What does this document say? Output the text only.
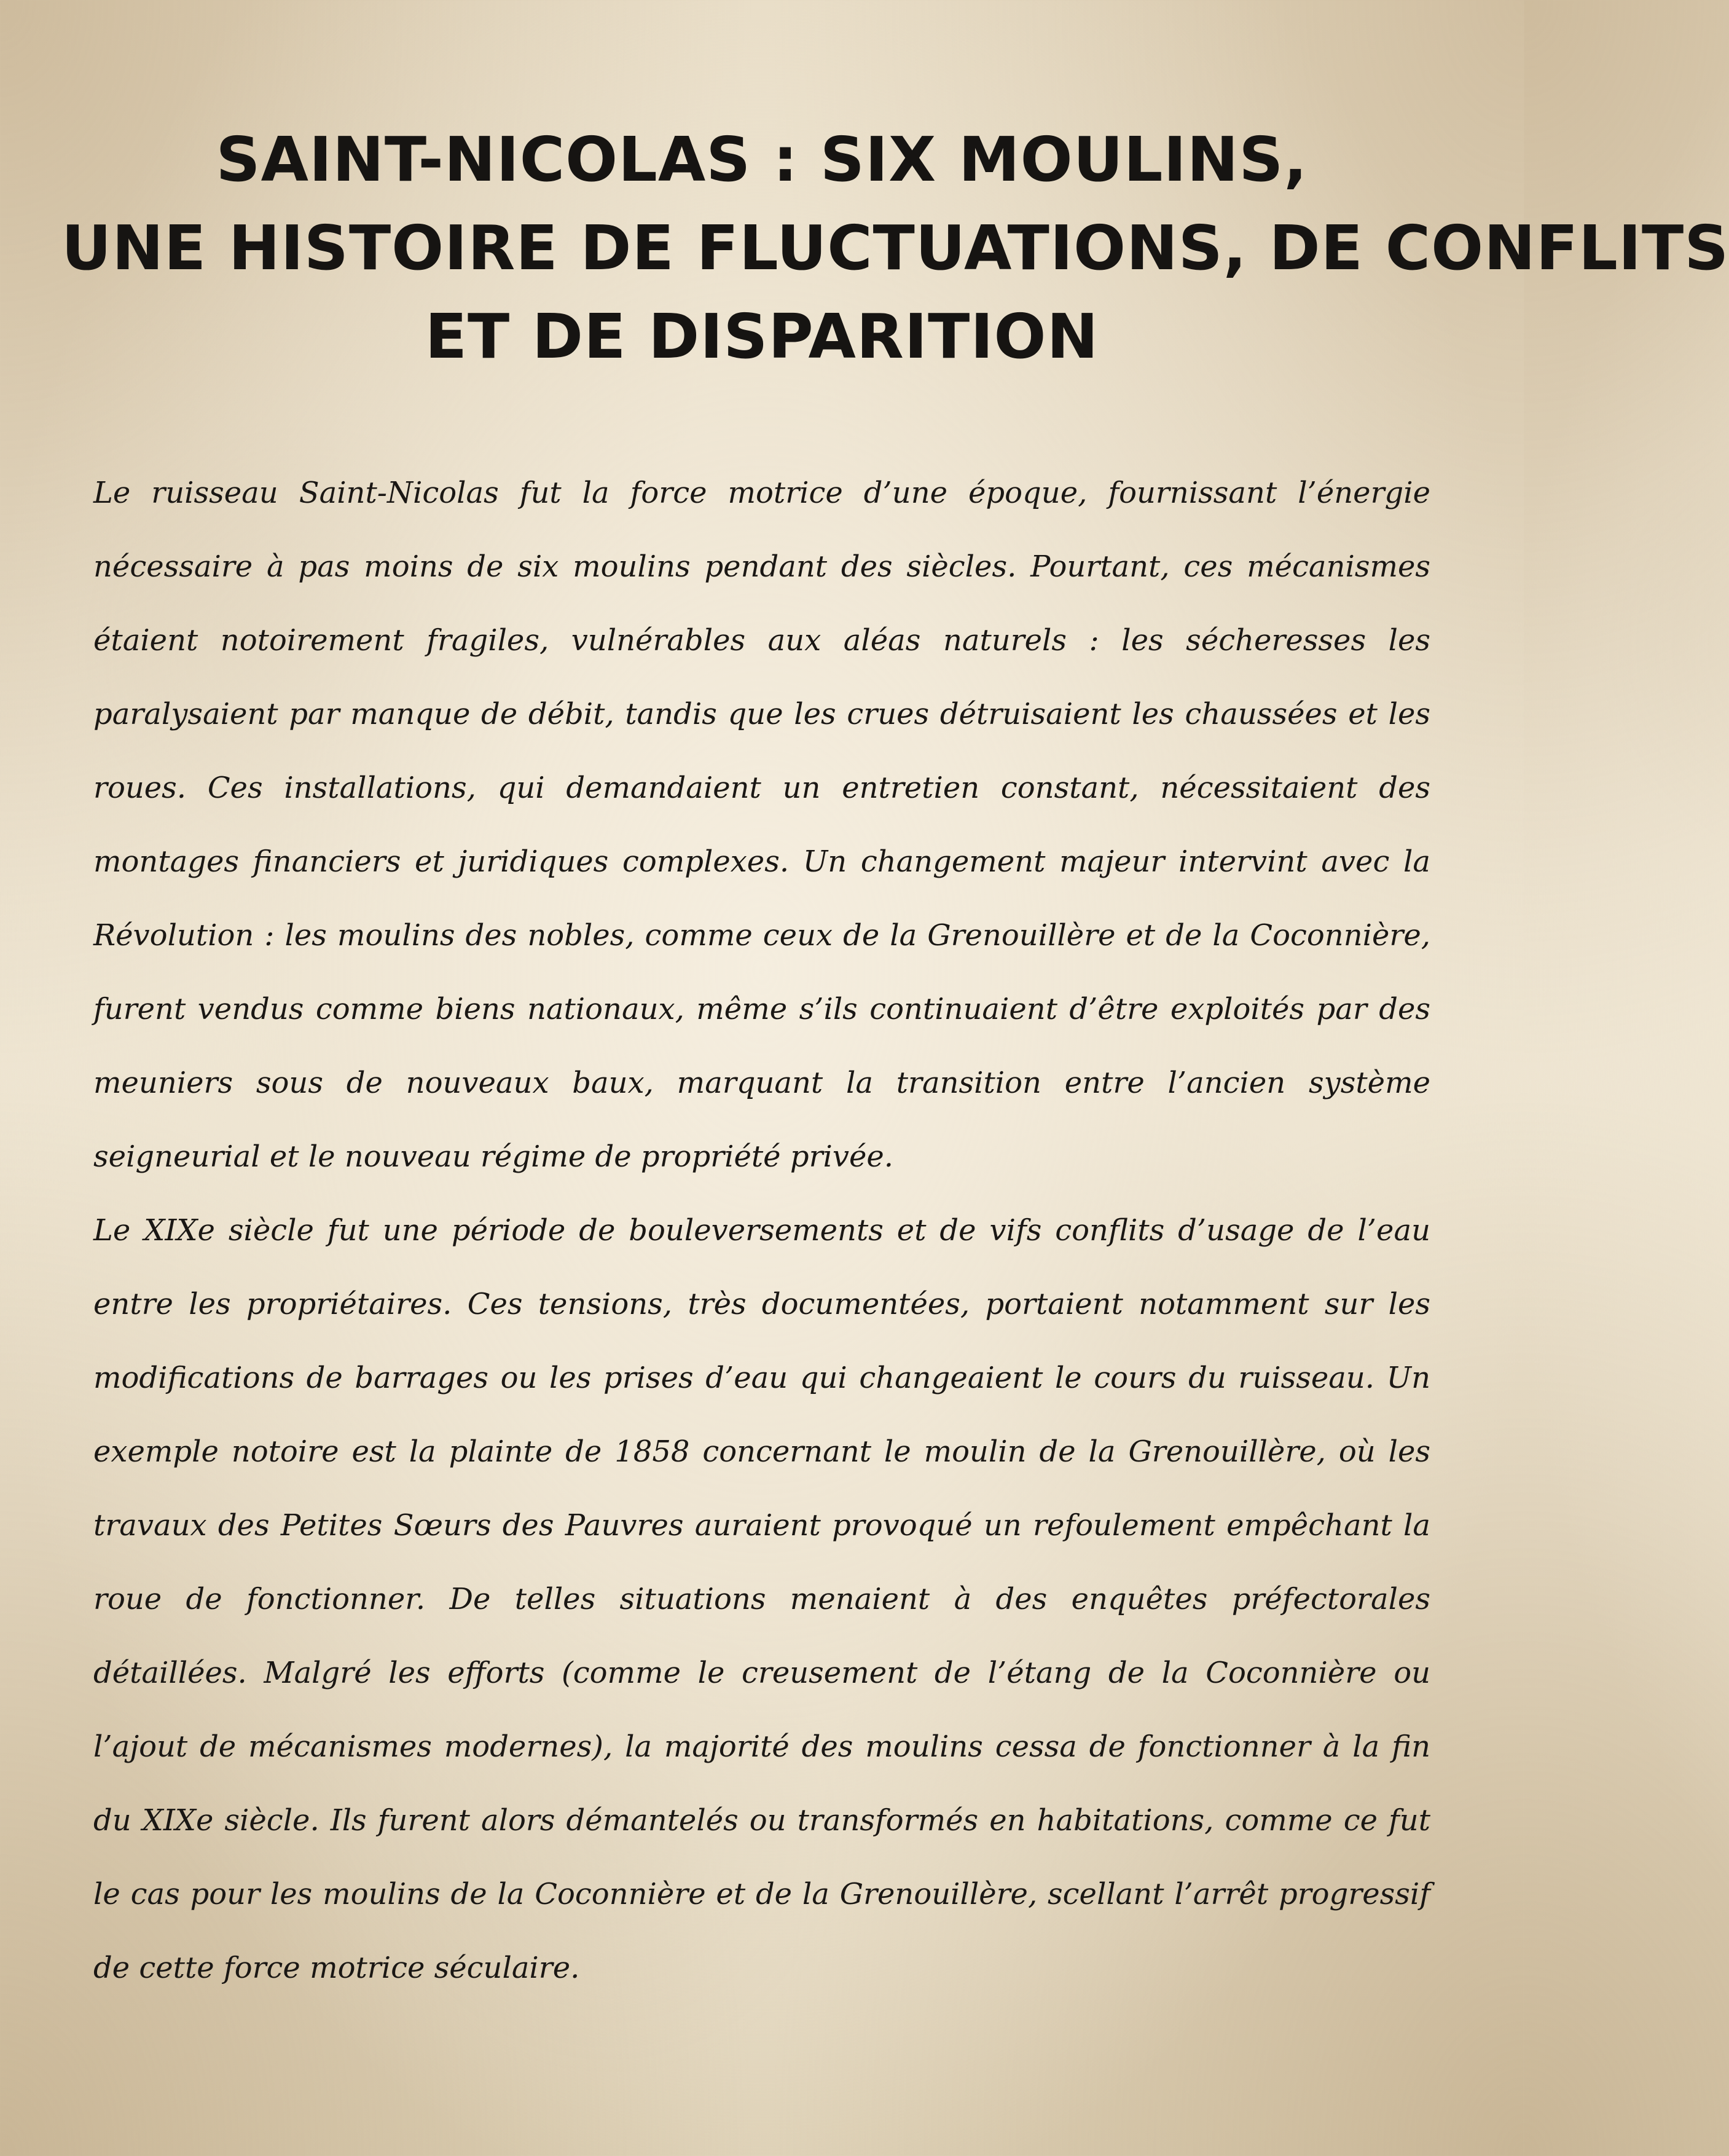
SAINT-NICOLAS : SIX MOULINS,
UNE HISTOIRE DE FLUCTUATIONS, DE CONFLITS
ET DE DISPARITION

Le ruisseau Saint-Nicolas fut la force motrice d’une époque, fournissant l’énergie nécessaire à pas moins de six moulins pendant des siècles. Pourtant, ces mécanismes étaient notoirement fragiles, vulnérables aux aléas naturels : les sécheresses les paralysaient par manque de débit, tandis que les crues détruisaient les chaussées et les roues. Ces installations, qui demandaient un entretien constant, nécessitaient des montages financiers et juridiques complexes. Un changement majeur intervint avec la Révolution : les moulins des nobles, comme ceux de la Grenouillère et de la Coconnière, furent vendus comme biens nationaux, même s’ils continuaient d’être exploités par des meuniers sous de nouveaux baux, marquant la transition entre l’ancien système seigneurial et le nouveau régime de propriété privée.

Le XIXe siècle fut une période de bouleversements et de vifs conflits d’usage de l’eau entre les propriétaires. Ces tensions, très documentées, portaient notamment sur les modifications de barrages ou les prises d’eau qui changeaient le cours du ruisseau. Un exemple notoire est la plainte de 1858 concernant le moulin de la Grenouillère, où les travaux des Petites Sœurs des Pauvres auraient provoqué un refoulement empêchant la roue de fonctionner. De telles situations menaient à des enquêtes préfectorales détaillées. Malgré les efforts (comme le creusement de l’étang de la Coconnière ou l’ajout de mécanismes modernes), la majorité des moulins cessa de fonctionner à la fin du XIXe siècle. Ils furent alors démantelés ou transformés en habitations, comme ce fut le cas pour les moulins de la Coconnière et de la Grenouillère, scellant l’arrêt progressif de cette force motrice séculaire.
